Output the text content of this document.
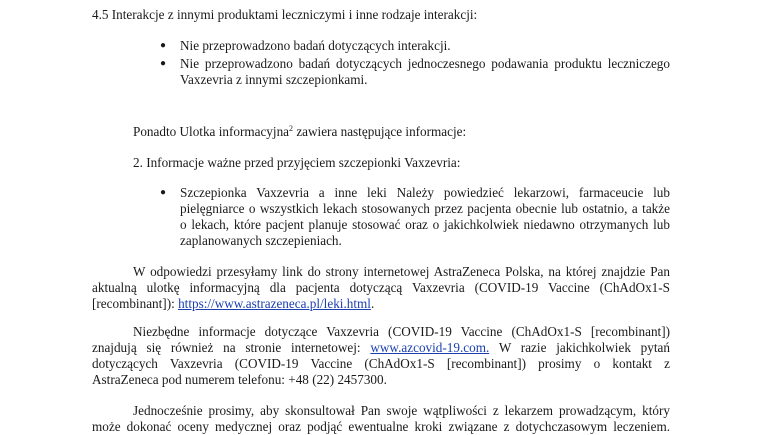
4.5 Interakcje z innymi produktami leczniczymi i inne rodzaje interakcji:
● Nie przeprowadzono badań dotyczących interakcji.
● Nie przeprowadzono badań dotyczących jednoczesnego podawania produktu leczniczego
Vaxzevria z innymi szczepionkami.
Ponadto Ulotka informacyjna$^2$ zawiera następujące informacje:
2. Informacje ważne przed przyjęciem szczepionki Vaxzevria:
● Szczepionka Vaxzevria a inne leki Należy powiedzieć lekarzowi, farmaceucie lub
pielęgniarce o wszystkich lekach stosowanych przez pacjenta obecnie lub ostatnio, a także
o lekach, które pacjent planuje stosować oraz o jakichkolwiek niedawno otrzymanych lub
zaplanowanych szczepieniach.
W odpowiedzi przesyłamy link do strony internetowej AstraZeneca Polska, na której znajdzie Pan
aktualną ulotkę informacyjną dla pacjenta dotyczącą Vaxzevria (COVID-19 Vaccine (ChAdOx1-S
[recombinant]): https://www.astrazeneca.pl/leki.html.
Niezbędne informacje dotyczące Vaxzevria (COVID-19 Vaccine (ChAdOx1-S [recombinant])
znajdują się również na stronie internetowej: www.azcovid-19.com. W razie jakichkolwiek pytań
dotyczących Vaxzevria (COVID-19 Vaccine (ChAdOx1-S [recombinant]) prosimy o kontakt z
AstraZeneca pod numerem telefonu: +48 (22) 2457300.
Jednocześnie prosimy, aby skonsultował Pan swoje wątpliwości z lekarzem prowadzącym, który
może dokonać oceny medycznej oraz podjąć ewentualne kroki związane z dotychczasowym leczeniem.
